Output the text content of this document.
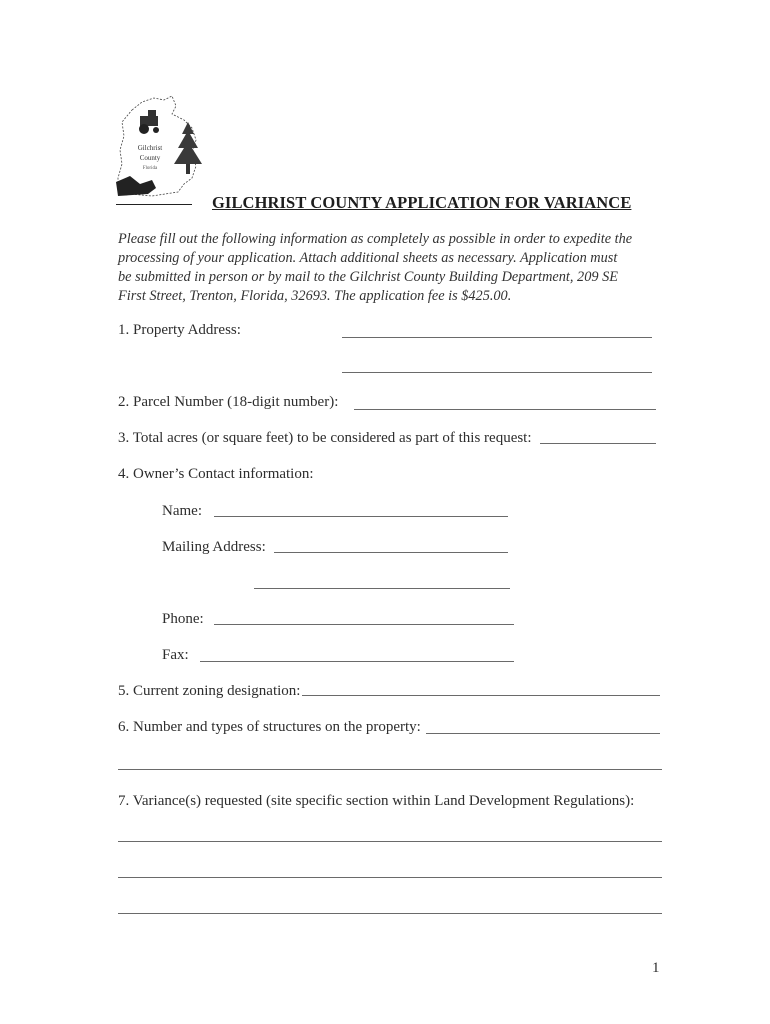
Gilchrist
County
Florida
GILCHRIST COUNTY APPLICATION FOR VARIANCE
Please fill out the following information as completely as possible in order to expedite the
processing of your application. Attach additional sheets as necessary. Application must
be submitted in person or by mail to the Gilchrist County Building Department, 209 SE
First Street, Trenton, Florida, 32693. The application fee is $425.00.
1. Property Address:
2. Parcel Number (18-digit number):
3. Total acres (or square feet) to be considered as part of this request:
4. Owner’s Contact information:
Name:
Mailing Address:
Phone:
Fax:
5. Current zoning designation:
6. Number and types of structures on the property:
7. Variance(s) requested (site specific section within Land Development Regulations):
1
